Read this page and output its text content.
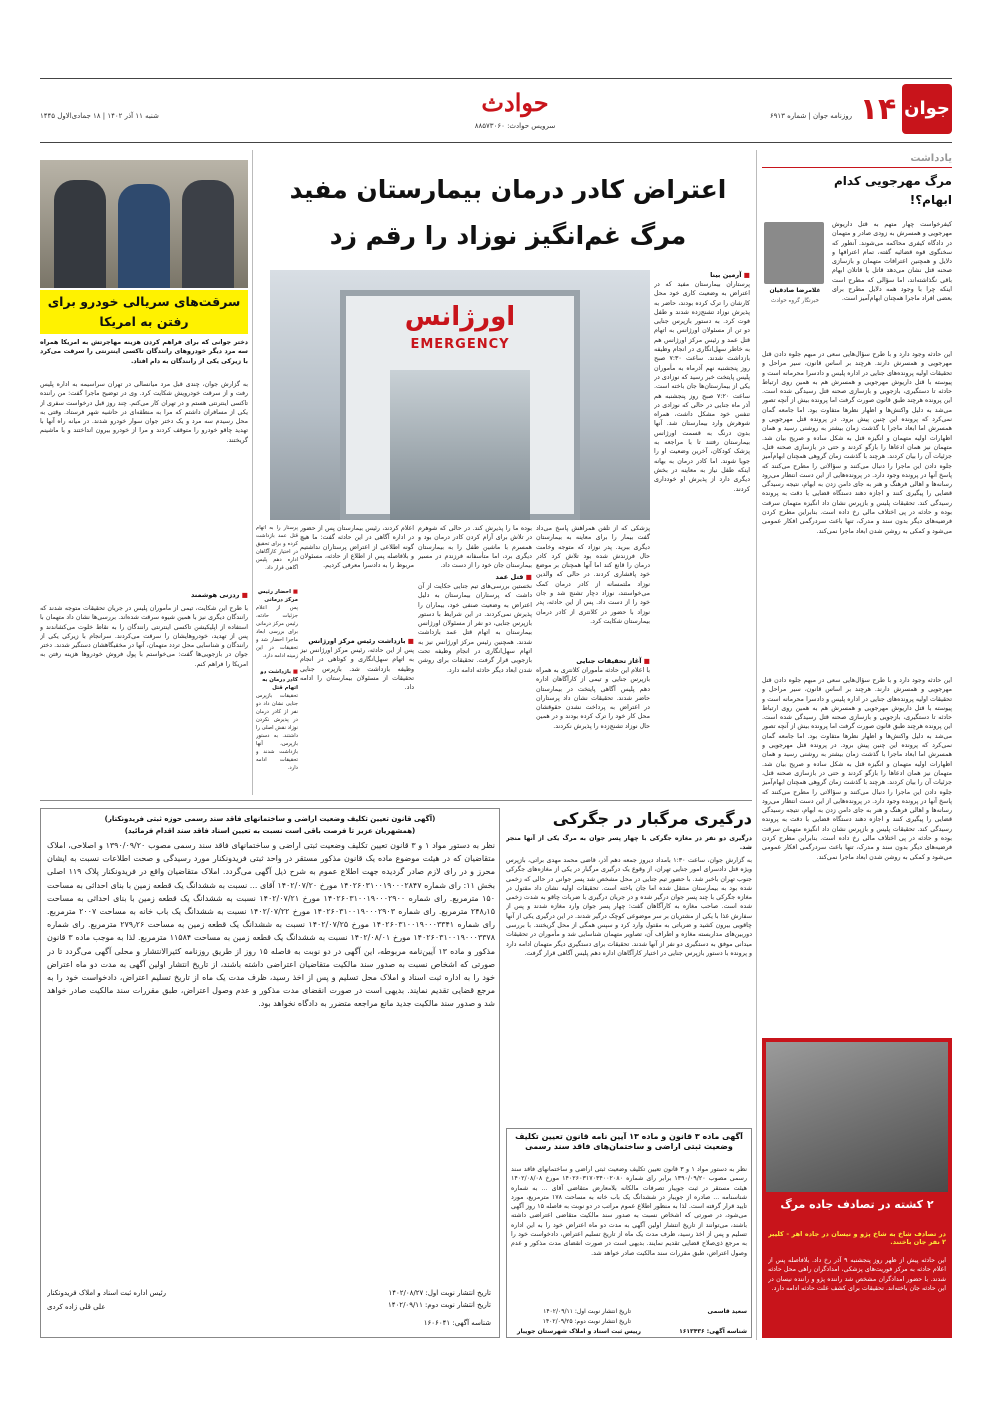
۱۴ جوان
روزنامه جوان | شماره ۶۹۱۳
حوادث
سرویس حوادث: ۸۸۵۷۳۰۶۰
شنبه ۱۱ آذر ۱۴۰۲ | ۱۸ جمادی‌الاول ۱۴۴۵
یادداشت
مرگ مهرجویی کدام ابهام؟!
غلامرضا صادقیان
خبرنگار گروه حوادث
کیفرخواست چهار متهم به قتل داریوش مهرجویی و همسرش به زودی صادر و متهمان در دادگاه کیفری محاکمه می‌شوند. آنطور که سخنگوی قوه قضائیه گفته، تمام اعترافها و دلایل و همچنین اعترافات متهمان و بازسازی صحنه قتل نشان می‌دهد قاتل یا قاتلان ابهام باقی نگذاشته‌اند، اما سؤالی که مطرح است اینکه چرا با وجود همه دلایل مطرح برای بعضی افراد ماجرا همچنان ابهام‌آمیز است.
این حادثه وجود دارد و با طرح سؤال‌هایی سعی در مبهم جلوه دادن قتل مهرجویی و همسرش دارند. هرچند بر اساس قانون، سیر مراحل و تحقیقات اولیه پرونده‌های جنایی در اداره پلیس و دادسرا محرمانه است و پیوسته با قتل داریوش مهرجویی و همسرش هم به همین روی ارتباط حادثه تا دستگیری، بازجویی و بازسازی صحنه قتل رسیدگی شده است. این پرونده هرچند طبق قانون صورت گرفت اما پرونده بیش از آنچه تصور می‌شد به دلیل واکنش‌ها و اظهار نظرها متفاوت بود. اما جامعه گمان نمی‌کرد که پرونده این چنین پیش برود. در پرونده قتل مهرجویی و همسرش اما ابعاد ماجرا با گذشت زمان بیشتر به روشنی رسید و همان اظهارات اولیه متهمان و انگیزه قتل به شکل ساده و صریح بیان شد. متهمان نیز همان ادعاها را بازگو کردند و حتی در بازسازی صحنه قتل، جزئیات آن را بیان کردند. هرچند با گذشت زمان گروهی همچنان ابهام‌آمیز جلوه دادن این ماجرا را دنبال می‌کنند و سؤالاتی را مطرح می‌کنند که پاسخ آنها در پرونده وجود دارد. در پرونده‌هایی از این دست انتظار می‌رود رسانه‌ها و اهالی فرهنگ و هنر به جای دامن زدن به ابهام، نتیجه رسیدگی قضایی را پیگیری کنند و اجازه دهند دستگاه قضایی با دقت به پرونده رسیدگی کند. تحقیقات پلیس و بازپرس نشان داد انگیزه متهمان سرقت بوده و حادثه در پی اختلاف مالی رخ داده است. بنابراین مطرح کردن فرضیه‌های دیگر بدون سند و مدرک، تنها باعث سردرگمی افکار عمومی می‌شود و کمکی به روشن شدن ابعاد ماجرا نمی‌کند.
این حادثه وجود دارد و با طرح سؤال‌هایی سعی در مبهم جلوه دادن قتل مهرجویی و همسرش دارند. هرچند بر اساس قانون، سیر مراحل و تحقیقات اولیه پرونده‌های جنایی در اداره پلیس و دادسرا محرمانه است و پیوسته با قتل داریوش مهرجویی و همسرش هم به همین روی ارتباط حادثه تا دستگیری، بازجویی و بازسازی صحنه قتل رسیدگی شده است. این پرونده هرچند طبق قانون صورت گرفت اما پرونده بیش از آنچه تصور می‌شد به دلیل واکنش‌ها و اظهار نظرها متفاوت بود. اما جامعه گمان نمی‌کرد که پرونده این چنین پیش برود. در پرونده قتل مهرجویی و همسرش اما ابعاد ماجرا با گذشت زمان بیشتر به روشنی رسید و همان اظهارات اولیه متهمان و انگیزه قتل به شکل ساده و صریح بیان شد. متهمان نیز همان ادعاها را بازگو کردند و حتی در بازسازی صحنه قتل، جزئیات آن را بیان کردند. هرچند با گذشت زمان گروهی همچنان ابهام‌آمیز جلوه دادن این ماجرا را دنبال می‌کنند و سؤالاتی را مطرح می‌کنند که پاسخ آنها در پرونده وجود دارد. در پرونده‌هایی از این دست انتظار می‌رود رسانه‌ها و اهالی فرهنگ و هنر به جای دامن زدن به ابهام، نتیجه رسیدگی قضایی را پیگیری کنند و اجازه دهند دستگاه قضایی با دقت به پرونده رسیدگی کند. تحقیقات پلیس و بازپرس نشان داد انگیزه متهمان سرقت بوده و حادثه در پی اختلاف مالی رخ داده است. بنابراین مطرح کردن فرضیه‌های دیگر بدون سند و مدرک، تنها باعث سردرگمی افکار عمومی می‌شود و کمکی به روشن شدن ابعاد ماجرا نمی‌کند.
۲ کشته در تصادف جاده مرگ
در تصادف شاخ به شاخ پژو و نیسان در جاده اهر - کلیبر ۲ نفر جان باختند.
این حادثه پیش از ظهر روز پنجشنبه ۹ آذر رخ داد. بلافاصله پس از اعلام حادثه به مرکز فوریت‌های پزشکی، امدادگران راهی محل حادثه شدند. با حضور امدادگران مشخص شد راننده پژو و راننده نیسان در این حادثه جان باخته‌اند. تحقیقات برای کشف علت حادثه ادامه دارد.
اعتراض کادر درمان بیمارستان مفید
مرگ غم‌انگیز نوزاد را رقم زد
اورژانس
EMERGENCY
■ آرمین بینا
پرستاران بیمارستان مفید که در اعتراض به وضعیت کاری خود محل کارشان را ترک کرده بودند، حاضر به پذیرش نوزاد تشنج‌زده شدند و طفل فوت کرد. به دستور بازپرس جنایی دو تن از مسئولان اورژانس به اتهام قتل عمد و رئیس مرکز اورژانس هم به خاطر سهل‌انگاری در انجام وظیفه بازداشت شدند. ساعت ۷:۳۰ صبح روز پنجشنبه نهم آذرماه به مأموران پلیس پایتخت خبر رسید که نوزادی در یکی از بیمارستان‌ها جان باخته است. ساعت ۷:۲۰ صبح روز پنجشنبه هم آذر ماه جنایی در حالی که نوزادی در تنفس خود مشکل داشت، همراه شوهرش وارد بیمارستان شد. آنها بدون درنگ به قسمت اورژانس بیمارستان رفتند تا با مراجعه به پزشک کودکان، آخرین وضعیت او را جویا شوند. اما کادر درمان به بهانه اینکه طفل نیاز به معاینه در بخش دیگری دارد از پذیرش او خودداری کردند.
پزشکی که از تلفن همراهش پاسخ می‌داد گفت بیمار را برای معاینه به بیمارستان دیگری ببرید. پدر نوزاد که متوجه وخامت حال فرزندش شده بود تلاش کرد کادر درمان را قانع کند اما آنها همچنان بر موضع خود پافشاری کردند. در حالی که والدین نوزاد ملتمسانه از کادر درمان کمک می‌خواستند، نوزاد دچار تشنج شد و جان خود را از دست داد. پس از این حادثه، پدر نوزاد با حضور در کلانتری از کادر درمان بیمارستان شکایت کرد.
■ آغاز تحقیقات جنایی
با اعلام این حادثه مأموران کلانتری به همراه بازپرس جنایی و تیمی از کارآگاهان اداره دهم پلیس آگاهی پایتخت در بیمارستان حاضر شدند. تحقیقات نشان داد پرستاران در اعتراض به پرداخت نشدن حقوقشان محل کار خود را ترک کرده بودند و در همین حال نوزاد تشنج‌زده را پذیرش نکردند.
بوده ما را پذیرش کند. در حالی که شوهرم در تلاش برای آرام کردن کادر درمان بود و همسرم با ماشین طفل را به بیمارستان دیگری برد، اما متأسفانه فرزندم در مسیر بیمارستان جان خود را از دست داد.
■ قتل عمد
نخستین بررسی‌های تیم جنایی حکایت از آن داشت که پرستاران بیمارستان به دلیل اعتراض به وضعیت صنفی خود، بیماران را پذیرش نمی‌کردند. در این شرایط با دستور بازپرس جنایی، دو نفر از مسئولان اورژانس بیمارستان به اتهام قتل عمد بازداشت شدند. همچنین رئیس مرکز اورژانس نیز به اتهام سهل‌انگاری در انجام وظیفه تحت بازجویی قرار گرفت. تحقیقات برای روشن شدن ابعاد دیگر حادثه ادامه دارد.
اعلام کردند، رئیس بیمارستان پس از حضور در اداره آگاهی در این حادثه گفت: ما هیچ گونه اطلاعی از اعتراض پرستاران نداشتیم و بلافاصله پس از اطلاع از حادثه، مسئولان مربوط را به دادسرا معرفی کردیم.
■ بازداشت رئیس مرکز اورژانس
پس از این حادثه، رئیس مرکز اورژانس نیز به اتهام سهل‌انگاری و کوتاهی در انجام وظیفه بازداشت شد. بازپرس جنایی تحقیقات از مسئولان بیمارستان را ادامه داد.
سرقت‌های سریالی خودرو برای رفتن به امریکا
دختر جوانی که برای فراهم کردن هزینه مهاجرتش به امریکا همراه سه مرد دیگر خودروهای رانندگان تاکسی اینترنتی را سرقت می‌کرد با زیرکی یکی از رانندگان به دام افتاد.
به گزارش جوان، چندی قبل مرد میانسالی در تهران سراسیمه به اداره پلیس رفت و از سرقت خودرویش شکایت کرد. وی در توضیح ماجرا گفت: من راننده تاکسی اینترنتی هستم و در تهران کار می‌کنم. چند روز قبل درخواست سفری از یکی از مسافران داشتم که مرا به منطقه‌ای در حاشیه شهر فرستاد. وقتی به محل رسیدم سه مرد و یک دختر جوان سوار خودرو شدند. در میانه راه آنها با تهدید چاقو خودرو را متوقف کردند و مرا از خودرو بیرون انداختند و با ماشینم گریختند.
■ ردزنی هوشمند
با طرح این شکایت، تیمی از مأموران پلیس در جریان تحقیقات متوجه شدند که رانندگان دیگری نیز با همین شیوه سرقت شده‌اند. بررسی‌ها نشان داد متهمان با استفاده از اپلیکیشن تاکسی اینترنتی رانندگان را به نقاط خلوت می‌کشاندند و پس از تهدید، خودروهایشان را سرقت می‌کردند. سرانجام با زیرکی یکی از رانندگان و شناسایی محل تردد متهمان، آنها در مخفیگاهشان دستگیر شدند. دختر جوان در بازجویی‌ها گفت: می‌خواستم با پول فروش خودروها هزینه رفتن به امریکا را فراهم کنم.
درگیری مرگبار در جگرکی
درگیری دو نفر در مغازه جگرکی با چهار پسر جوان به مرگ یکی از آنها منجر شد.
به گزارش جوان، ساعت ۱:۳۰ بامداد دیروز جمعه دهم آذر، قاضی محمد مهدی براتی، بازپرس ویژه قتل دادسرای امور جنایی تهران، از وقوع یک درگیری مرگبار در یکی از مغازه‌های جگرکی جنوب تهران باخبر شد. با حضور تیم جنایی در محل مشخص شد پسر جوانی در حالی که زخمی شده بود به بیمارستان منتقل شده اما جان باخته است. تحقیقات اولیه نشان داد مقتول در مغازه جگرکی با چند پسر جوان درگیر شده و در جریان درگیری با ضربات چاقو به شدت زخمی شده است. صاحب مغازه به کارآگاهان گفت: چهار پسر جوان وارد مغازه شدند و پس از سفارش غذا با یکی از مشتریان بر سر موضوعی کوچک درگیر شدند. در این درگیری یکی از آنها چاقویی بیرون کشید و ضرباتی به مقتول وارد کرد و سپس همگی از محل گریختند. با بررسی دوربین‌های مداربسته مغازه و اطراف آن، تصاویر متهمان شناسایی شد و مأموران در تحقیقات میدانی موفق به دستگیری دو نفر از آنها شدند. تحقیقات برای دستگیری دیگر متهمان ادامه دارد و پرونده با دستور بازپرس جنایی در اختیار کارآگاهان اداره دهم پلیس آگاهی قرار گرفت.
آگهی ماده ۳ قانون و ماده ۱۳ آیین نامه قانون تعیین تکلیف وضعیت ثبتی اراضی و ساختمان‌های فاقد سند رسمی
نظر به دستور مواد ۱ و ۳ قانون تعیین تکلیف وضعیت ثبتی اراضی و ساختمانهای فاقد سند رسمی مصوب ۱۳۹۰/۰۹/۲۰ برابر رای شماره ۱۴۰۲۶۰۳۱۷۰۳۴۰۰۲۰۸۰ مورخ ۱۴۰۲/۰۸/۰۸ هیئت مستقر در ثبت جویبار تصرفات مالکانه بلامعارض متقاضی آقای ... به شماره شناسنامه ... صادره از جویبار در ششدانگ یک باب خانه به مساحت ۱۷۸ مترمربع، مورد تایید قرار گرفته است. لذا به منظور اطلاع عموم مراتب در دو نوبت به فاصله ۱۵ روز آگهی می‌شود، در صورتی که اشخاص نسبت به صدور سند مالکیت متقاضی اعتراضی داشته باشند، می‌توانند از تاریخ انتشار اولین آگهی به مدت دو ماه اعتراض خود را به این اداره تسلیم و پس از اخذ رسید، ظرف مدت یک ماه از تاریخ تسلیم اعتراض، دادخواست خود را به مرجع ذی‌صلاح قضایی تقدیم نمایند. بدیهی است در صورت انقضای مدت مذکور و عدم وصول اعتراض، طبق مقررات سند مالکیت صادر خواهد شد.
تاریخ انتشار نوبت اول: ۱۴۰۲/۰۹/۱۱
تاریخ انتشار نوبت دوم: ۱۴۰۲/۰۹/۲۵
سعید قاسمی
رییس ثبت اسناد و املاک شهرستان جویبار	شناسه آگهی: ۱۶۱۳۴۳۶
(آگهی قانون تعیین تکلیف وضعیت اراضی و ساختمانهای فاقد سند رسمی حوزه ثبتی فریدونکنار)
(همشهریان عزیز تا فرصت باقی است نسبت به تعیین اسناد فاقد سند اقدام فرمائید)
نظر به دستور مواد ۱ و ۳ قانون تعیین تکلیف وضعیت ثبتی اراضی و ساختمانهای فاقد سند رسمی مصوب ۱۳۹۰/۰۹/۲۰ و اصلاحی، املاک متقاضیان که در هیئت موضوع ماده یک قانون مذکور مستقر در واحد ثبتی فریدونکنار مورد رسیدگی و صحت اطلاعات نسبت به ایشان محرز و در رای لازم صادر گردیده جهت اطلاع عموم به شرح ذیل آگهی می‌گردد. املاک متقاضیان واقع در فریدونکنار پلاک ۱۱۹ اصلی بخش ۱۱: رای شماره ۱۴۰۲۶۰۳۱۰۰۱۹۰۰۰۲۸۴۷ مورخ ۱۴۰۲/۰۷/۲۰ آقای ... نسبت به ششدانگ یک قطعه زمین با بنای احداثی به مساحت ۱۵۰ مترمربع. رای شماره ۱۴۰۲۶۰۳۱۰۰۱۹۰۰۰۲۹۰۰ مورخ ۱۴۰۲/۰۷/۲۱ نسبت به ششدانگ یک قطعه زمین با بنای احداثی به مساحت ۲۴۸٫۱۵ مترمربع. رای شماره ۱۴۰۲۶۰۳۱۰۰۱۹۰۰۰۲۹۰۳ مورخ ۱۴۰۲/۰۷/۲۲ نسبت به ششدانگ یک باب خانه به مساحت ۲۰۰۷ مترمربع. رای شماره ۱۴۰۲۶۰۳۱۰۰۱۹۰۰۰۳۳۴۱ مورخ ۱۴۰۲/۰۷/۲۵ نسبت به ششدانگ یک قطعه زمین به مساحت ۲۷۹٫۲۶ مترمربع. رای شماره ۱۴۰۲۶۰۳۱۰۰۱۹۰۰۰۳۳۷۸ مورخ ۱۴۰۲/۰۸/۰۱ نسبت به ششدانگ یک قطعه زمین به مساحت ۱۱۵۸۴ مترمربع. لذا به موجب ماده ۳ قانون مذکور و ماده ۱۳ آیین‌نامه مربوطه، این آگهی در دو نوبت به فاصله ۱۵ روز از طریق روزنامه کثیرالانتشار و محلی آگهی می‌گردد تا در صورتی که اشخاص نسبت به صدور سند مالکیت متقاضیان اعتراضی داشته باشند، از تاریخ انتشار اولین آگهی به مدت دو ماه اعتراض خود را به اداره ثبت اسناد و املاک محل تسلیم و پس از اخذ رسید، ظرف مدت یک ماه از تاریخ تسلیم اعتراض، دادخواست خود را به مرجع قضایی تقدیم نمایند. بدیهی است در صورت انقضای مدت مذکور و عدم وصول اعتراض، طبق مقررات سند مالکیت صادر خواهد شد و صدور سند مالکیت جدید مانع مراجعه متضرر به دادگاه نخواهد بود.
تاریخ انتشار نوبت اول: ۱۴۰۲/۰۸/۲۷
تاریخ انتشار نوبت دوم: ۱۴۰۲/۰۹/۱۱
رئیس اداره ثبت اسناد و املاک فریدونکنار
علی قلی زاده کردی
شناسه آگهی: ۱۶۰۶۰۴۱
پرستار را به اتهام قتل عمد بازداشت کرده و برای تحقیق در اختیار کارآگاهان اداره دهم پلیس آگاهی قرار داد.
■ احضار رئیس مرکز درمانی
پس از اعلام جزئیات حادثه، رئیس مرکز درمانی برای بررسی ابعاد ماجرا احضار شد و تحقیقات در این زمینه ادامه دارد.
■ بازداشت دو کادر درمان به اتهام قتل
تحقیقات بازپرس جنایی نشان داد دو نفر از کادر درمان در پذیرش نکردن نوزاد نقش اصلی را داشتند. به دستور بازپرس، آنها بازداشت شدند و تحقیقات ادامه دارد.
